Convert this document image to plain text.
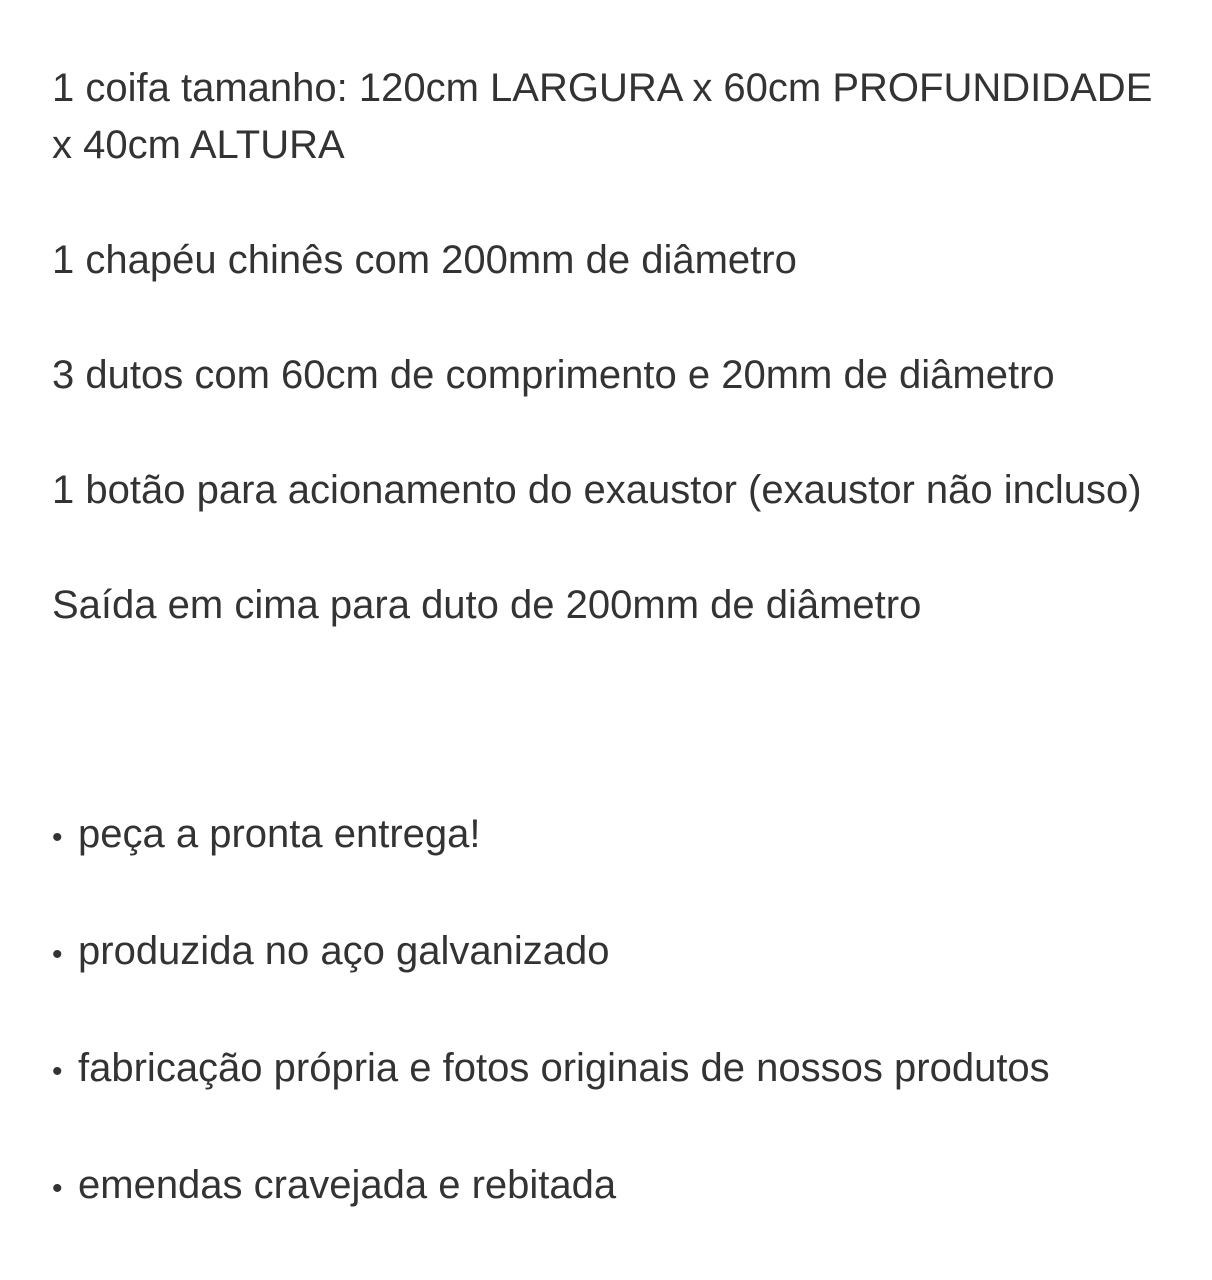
1 coifa tamanho: 120cm LARGURA x 60cm PROFUNDIDADE x 40cm ALTURA

1 chapéu chinês com 200mm de diâmetro

3 dutos com 60cm de comprimento e 20mm de diâmetro

1 botão para acionamento do exaustor (exaustor não incluso)

Saída em cima para duto de 200mm de diâmetro

• peça a pronta entrega!
• produzida no aço galvanizado
• fabricação própria e fotos originais de nossos produtos
• emendas cravejada e rebitada
